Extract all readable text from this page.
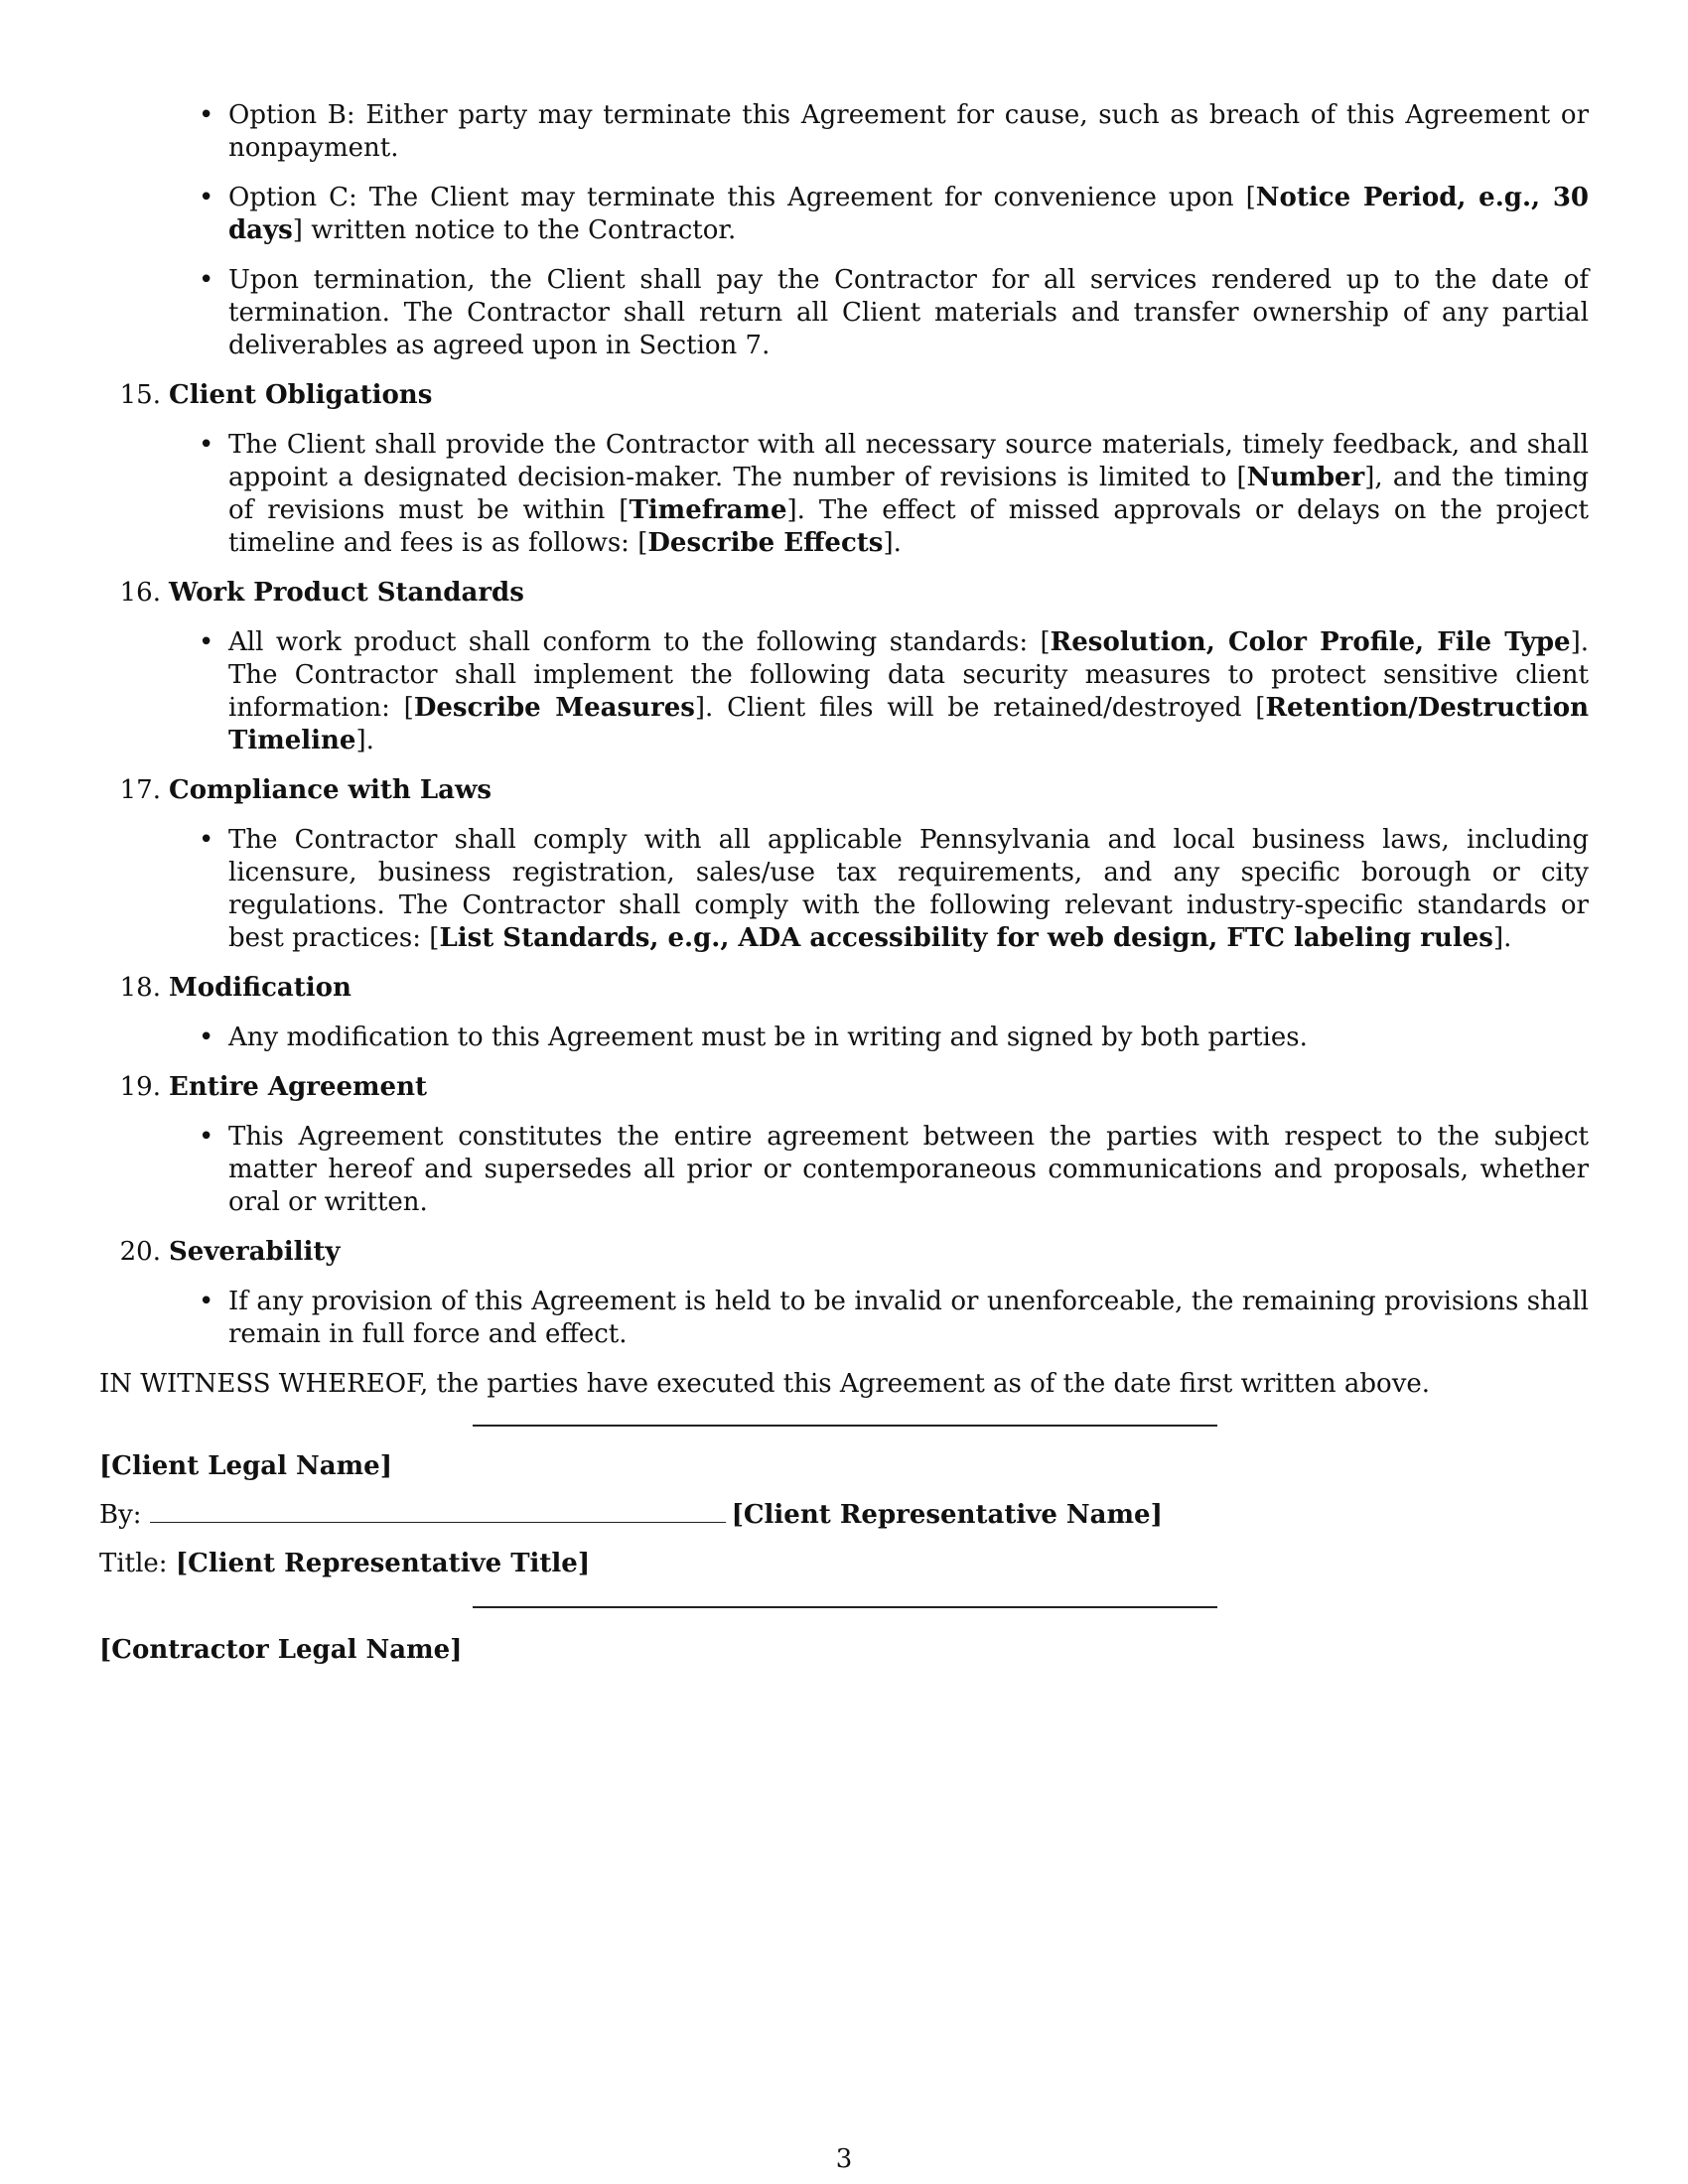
• Option B: Either party may terminate this Agreement for cause, such as breach of this Agreement or nonpayment.
• Option C: The Client may terminate this Agreement for convenience upon [Notice Period, e.g., 30 days] written notice to the Contractor.
• Upon termination, the Client shall pay the Contractor for all services rendered up to the date of termination. The Contractor shall return all Client materials and transfer ownership of any partial deliverables as agreed upon in Section 7.
15. Client Obligations
• The Client shall provide the Contractor with all necessary source materials, timely feedback, and shall appoint a designated decision-maker. The number of revisions is limited to [Number], and the timing of revisions must be within [Timeframe]. The effect of missed approvals or delays on the project timeline and fees is as follows: [Describe Effects].
16. Work Product Standards
• All work product shall conform to the following standards: [Resolution, Color Profile, File Type]. The Contractor shall implement the following data security measures to protect sensitive client information: [Describe Measures]. Client files will be retained/destroyed [Retention/Destruction Timeline].
17. Compliance with Laws
• The Contractor shall comply with all applicable Pennsylvania and local business laws, including licensure, business registration, sales/use tax requirements, and any specific borough or city regulations. The Contractor shall comply with the following relevant industry-specific standards or best practices: [List Standards, e.g., ADA accessibility for web design, FTC labeling rules].
18. Modification
• Any modification to this Agreement must be in writing and signed by both parties.
19. Entire Agreement
• This Agreement constitutes the entire agreement between the parties with respect to the subject matter hereof and supersedes all prior or contemporaneous communications and proposals, whether oral or written.
20. Severability
• If any provision of this Agreement is held to be invalid or unenforceable, the remaining provisions shall remain in full force and effect.

IN WITNESS WHEREOF, the parties have executed this Agreement as of the date first written above.

[Client Legal Name]

By:	[Client Representative Name]

Title: [Client Representative Title]

[Contractor Legal Name]

3
